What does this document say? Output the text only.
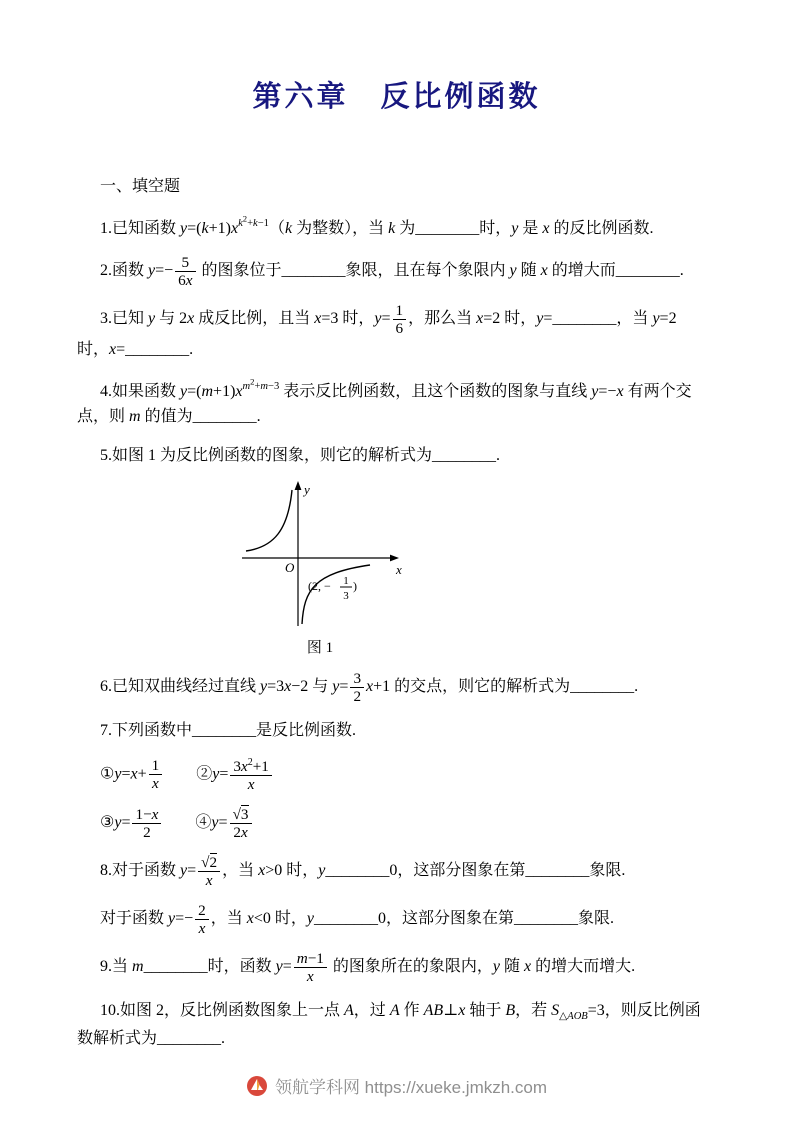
第六章　反比例函数

一、填空题

1.已知函数 $y=(k+1)x^{k^2+k-1}(k$ 为整数），当 k 为________时，y 是 x 的反比例函数.

2.函数 $y=- \frac{5}{6x}$ 的图象位于________象限，且在每个象限内 y 随 x 的增大而________.

3.已知 y 与 2x 成反比例，且当 x=3 时，$y= \frac{1}{6}$ ，那么当 x=2 时，y=________，当 y=2 时，x=________.

4.如果函数 $y=(m+1)x^{m^2+m-3}$ 表示反比例函数，且这个函数的图象与直线 y=−x 有两个交点，则 m 的值为________.

5.如图 1 为反比例函数的图象，则它的解析式为________.

y
x
O
(2, − 1
3
)
图 1

6.已知双曲线经过直线 y=3x−2 与 $y= \frac{3}{2} x+1$ 的交点，则它的解析式为________.

7.下列函数中________是反比例函数.

①y=x+ $\frac{1}{x}$ 　　②y= $\frac{3x^2+1}{x}$

③y= $\frac{1-x}{2}$ 　　④y= $\frac{√3}{2x}$

8.对于函数 $y= \frac{√2}{x}$ ，当 x>0 时，y________0，这部分图象在第________象限.

对于函数 $y=- \frac{2}{x}$ ，当 x<0 时，y________0，这部分图象在第________象限.

9.当 m________时，函数 $y= \frac{m-1}{x}$ 的图象所在的象限内，y 随 x 的增大而增大.

10.如图 2，反比例函数图象上一点 A，过 A 作 AB⊥x 轴于 B，若 $S_{\triangle AOB}=3$，则反比例函数解析式为________.

领航学科网 https://xueke.jmkzh.com
